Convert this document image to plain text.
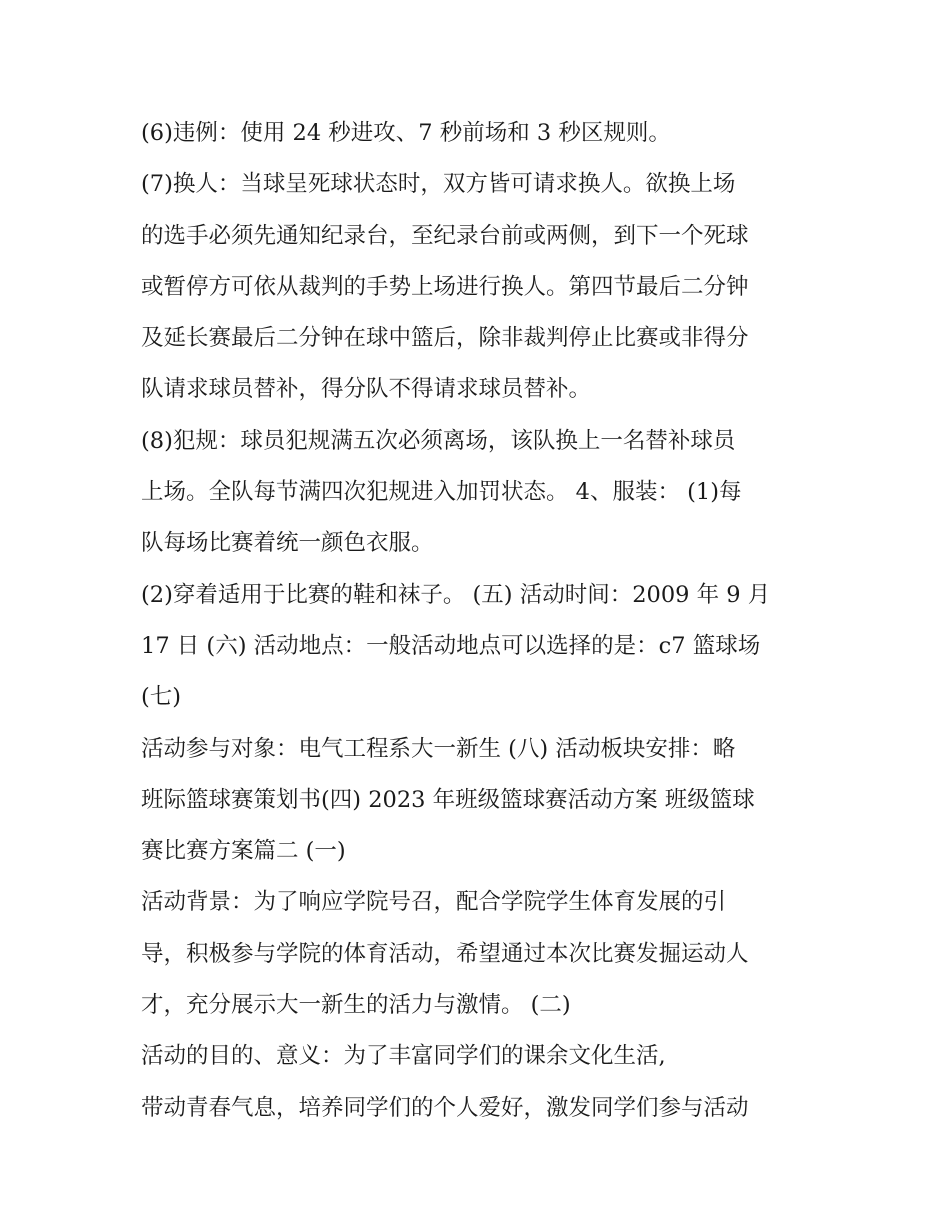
(6)违例：使用 24 秒进攻、7 秒前场和 3 秒区规则。
(7)换人：当球呈死球状态时，双方皆可请求换人。欲换上场
的选手必须先通知纪录台，至纪录台前或两侧，到下一个死球
或暂停方可依从裁判的手势上场进行换人。第四节最后二分钟
及延长赛最后二分钟在球中篮后，除非裁判停止比赛或非得分
队请求球员替补，得分队不得请求球员替补。
(8)犯规：球员犯规满五次必须离场，该队换上一名替补球员
上场。全队每节满四次犯规进入加罚状态。 4、服装： (1)每
队每场比赛着统一颜色衣服。
(2)穿着适用于比赛的鞋和袜子。 (五) 活动时间：2009 年 9 月
17 日 (六) 活动地点：一般活动地点可以选择的是：c7 篮球场
(七)
活动参与对象：电气工程系大一新生 (八) 活动板块安排：略
班际篮球赛策划书(四) 2023 年班级篮球赛活动方案 班级篮球
赛比赛方案篇二 (一)
活动背景：为了响应学院号召，配合学院学生体育发展的引
导，积极参与学院的体育活动，希望通过本次比赛发掘运动人
才，充分展示大一新生的活力与激情。 (二)
活动的目的、意义：为了丰富同学们的课余文化生活,
带动青春气息，培养同学们的个人爱好，激发同学们参与活动
